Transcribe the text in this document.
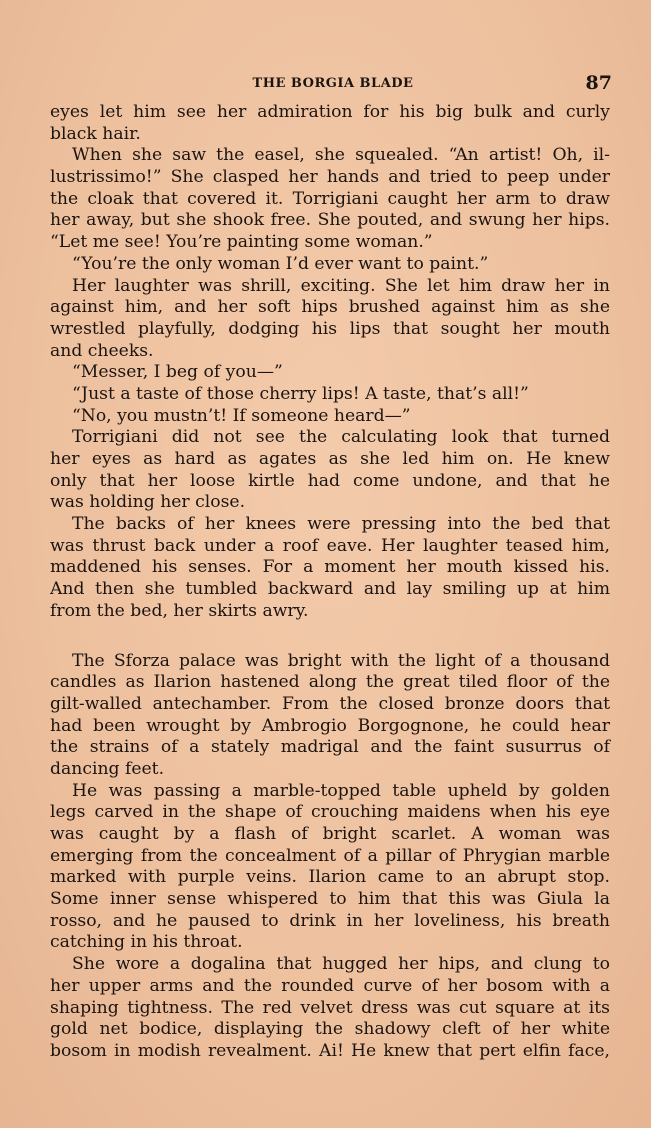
THE BORGIA BLADE	87
eyes let him see her admiration for his big bulk and curly
black hair.
When she saw the easel, she squealed. “An artist! Oh, il-
lustrissimo!” She clasped her hands and tried to peep under
the cloak that covered it. Torrigiani caught her arm to draw
her away, but she shook free. She pouted, and swung her hips.
“Let me see! You’re painting some woman.”
“You’re the only woman I’d ever want to paint.”
Her laughter was shrill, exciting. She let him draw her in
against him, and her soft hips brushed against him as she
wrestled playfully, dodging his lips that sought her mouth
and cheeks.
“Messer, I beg of you—”
“Just a taste of those cherry lips! A taste, that’s all!”
“No, you mustn’t! If someone heard—”
Torrigiani did not see the calculating look that turned
her eyes as hard as agates as she led him on. He knew
only that her loose kirtle had come undone, and that he
was holding her close.
The backs of her knees were pressing into the bed that
was thrust back under a roof eave. Her laughter teased him,
maddened his senses. For a moment her mouth kissed his.
And then she tumbled backward and lay smiling up at him
from the bed, her skirts awry.
The Sforza palace was bright with the light of a thousand
candles as Ilarion hastened along the great tiled floor of the
gilt-walled antechamber. From the closed bronze doors that
had been wrought by Ambrogio Borgognone, he could hear
the strains of a stately madrigal and the faint susurrus of
dancing feet.
He was passing a marble-topped table upheld by golden
legs carved in the shape of crouching maidens when his eye
was caught by a flash of bright scarlet. A woman was
emerging from the concealment of a pillar of Phrygian marble
marked with purple veins. Ilarion came to an abrupt stop.
Some inner sense whispered to him that this was Giula la
rosso, and he paused to drink in her loveliness, his breath
catching in his throat.
She wore a dogalina that hugged her hips, and clung to
her upper arms and the rounded curve of her bosom with a
shaping tightness. The red velvet dress was cut square at its
gold net bodice, displaying the shadowy cleft of her white
bosom in modish revealment. Ai! He knew that pert elfin face,
